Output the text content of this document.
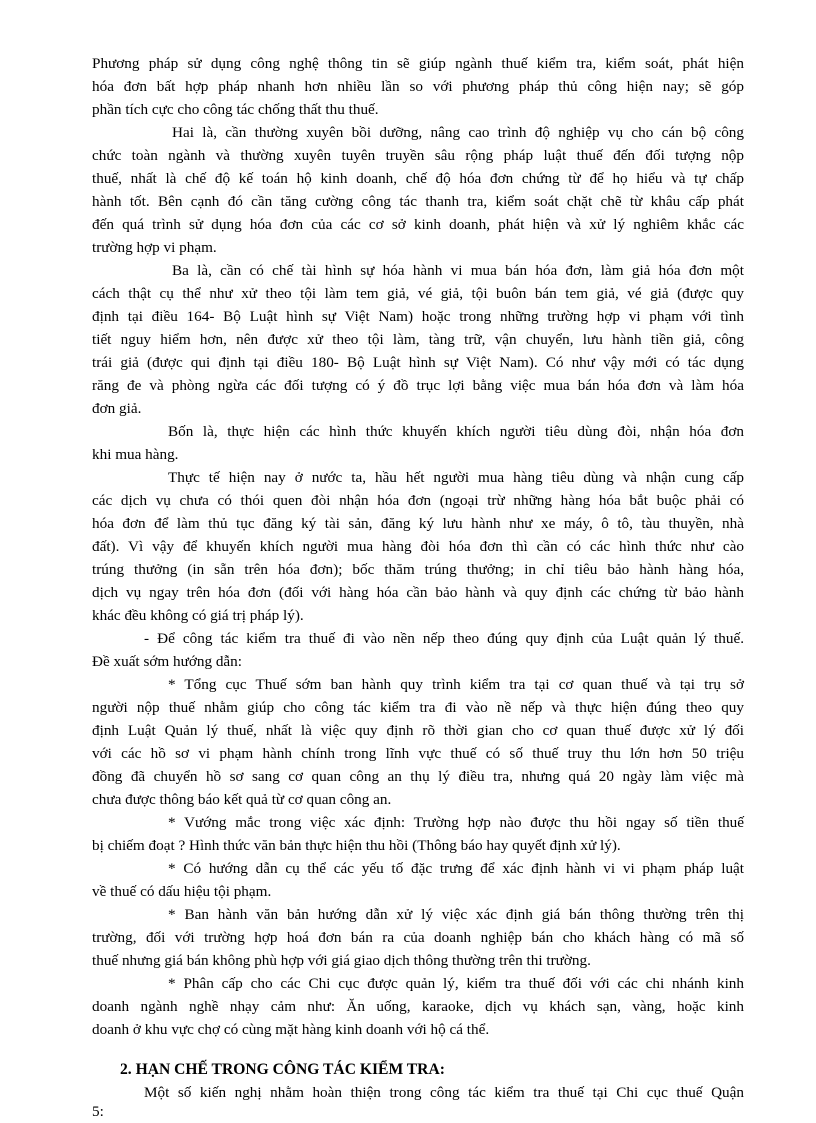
Phương pháp sử dụng công nghệ thông tin sẽ giúp ngành thuế kiểm tra, kiểm soát, phát hiện
hóa đơn bất hợp pháp nhanh hơn nhiều lần so với phương pháp thủ công hiện nay; sẽ góp
phần tích cực cho công tác chống thất thu thuế.
Hai là, cần thường xuyên bồi dưỡng, nâng cao trình độ nghiệp vụ cho cán bộ công
chức toàn ngành và thường xuyên tuyên truyền sâu rộng pháp luật thuế đến đối tượng nộp
thuế, nhất là chế độ kế toán hộ kinh doanh, chế độ hóa đơn chứng từ để họ hiểu và tự chấp
hành tốt. Bên cạnh đó cần tăng cường công tác thanh tra, kiểm soát chặt chẽ từ khâu cấp phát
đến quá trình sử dụng hóa đơn của các cơ sở kinh doanh, phát hiện và xử lý nghiêm khắc các
trường hợp vi phạm.
Ba là, cần có chế tài hình sự hóa hành vi mua bán hóa đơn, làm giả hóa đơn một
cách thật cụ thể như xử theo tội làm tem giả, vé giả, tội buôn bán tem giả, vé giả (được quy
định tại điều 164- Bộ Luật hình sự Việt Nam) hoặc trong những trường hợp vi phạm với tình
tiết nguy hiểm hơn, nên được xử theo tội làm, tàng trữ, vận chuyển, lưu hành tiền giả, công
trái giả (được qui định tại điều 180- Bộ Luật hình sự Việt Nam). Có như vậy mới có tác dụng
răng đe và phòng ngừa các đối tượng có ý đồ trục lợi bằng việc mua bán hóa đơn và làm hóa
đơn giả.
Bốn là, thực hiện các hình thức khuyến khích người tiêu dùng đòi, nhận hóa đơn
khi mua hàng.
Thực tế hiện nay ở nước ta, hầu hết người mua hàng tiêu dùng và nhận cung cấp
các dịch vụ chưa có thói quen đòi nhận hóa đơn (ngoại trừ những hàng hóa bắt buộc phải có
hóa đơn để làm thủ tục đăng ký tài sản, đăng ký lưu hành như xe máy, ô tô, tàu thuyền, nhà
đất). Vì vậy để khuyến khích người mua hàng đòi hóa đơn thì cần có các hình thức như cào
trúng thưởng (in sẵn trên hóa đơn); bốc thăm trúng thưởng; in chỉ tiêu bảo hành hàng hóa,
dịch vụ ngay trên hóa đơn (đối với hàng hóa cần bảo hành và quy định các chứng từ bảo hành
khác đều không có giá trị pháp lý).
- Để công tác kiểm tra thuế đi vào nền nếp theo đúng quy định của Luật quản lý thuế.
Đề xuất sớm hướng dẫn:
* Tổng cục Thuế sớm ban hành quy trình kiểm tra tại cơ quan thuế và tại trụ sở
người nộp thuế nhằm giúp cho công tác kiểm tra đi vào nề nếp và thực hiện đúng theo quy
định Luật Quản lý thuế, nhất là việc quy định rõ thời gian cho cơ quan thuế được xử lý đối
với các hồ sơ vi phạm hành chính trong lĩnh vực thuế có số thuế truy thu lớn hơn 50 triệu
đồng đã chuyển hồ sơ sang cơ quan công an thụ lý điều tra, nhưng quá 20 ngày làm việc mà
chưa được thông báo kết quả từ cơ quan công an.
* Vướng mắc trong việc xác định: Trường hợp nào được thu hồi ngay số tiền thuế
bị chiếm đoạt ? Hình thức văn bản thực hiện thu hồi (Thông báo hay quyết định xử lý).
* Có hướng dẫn cụ thể các yếu tố đặc trưng để xác định hành vi vi phạm pháp luật
về thuế có dấu hiệu tội phạm.
* Ban hành văn bản hướng dẫn xử lý việc xác định giá bán thông thường trên thị
trường, đối với trường hợp hoá đơn bán ra của doanh nghiệp bán cho khách hàng có mã số
thuế nhưng giá bán không phù hợp với giá giao dịch thông thường trên thi trường.
* Phân cấp cho các Chi cục được quản lý, kiểm tra thuế đối với các chi nhánh kinh
doanh ngành nghề nhạy cảm như: Ăn uống, karaoke, dịch vụ khách sạn, vàng, hoặc kinh
doanh ở khu vực chợ có cùng mặt hàng kinh doanh với hộ cá thể.
2. HẠN CHẾ TRONG CÔNG TÁC KIỂM TRA:
Một số kiến nghị nhằm hoàn thiện trong công tác kiểm tra thuế tại Chi cục thuế Quận
5:
